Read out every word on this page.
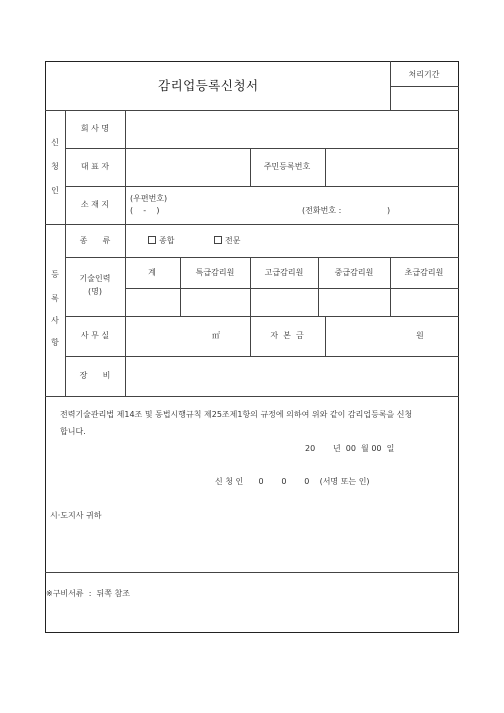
감리업등록신청서
처리기간
신
청
인
회 사 명
대 표 자	주민등록번호
소 재 지
(우편번호)
(    -    )	(전화번호 :                  )
등
록
사
항
종      류	종합	전문
기술인력
(명)
계	특급감리원	고급감리원	중급감리원	초급감리원
사 무 실	㎡	자  본  금	원
장      비
전력기술관리법 제14조 및 동법시행규칙 제25조제1항의 규정에 의하여 위와 같이 감리업등록을 신청
합니다.
20       년  00  월 00  일
신 청 인      0       0       0    (서명 또는 인)
시·도지사 귀하
※구비서류  :  뒤쪽 참조
